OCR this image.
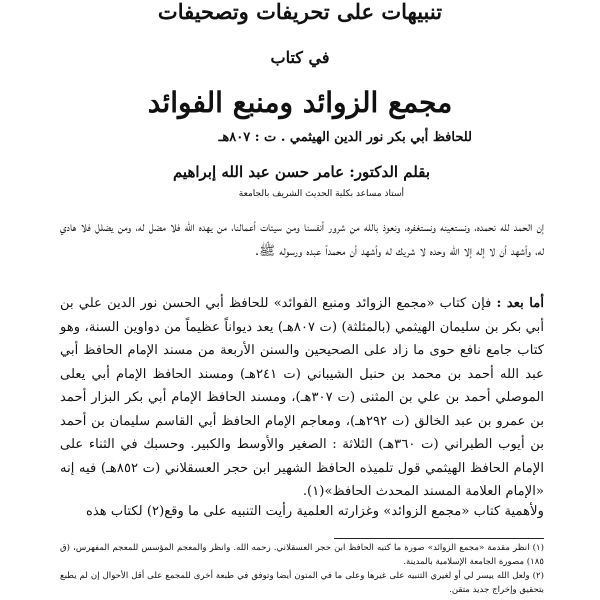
تنبيهات على تحريفات وتصحيفات
في كتاب
مجمع الزوائد ومنبع الفوائد
للحافظ أبي بكر نور الدين الهيثمي . ت : ٨٠٧هـ
بقلم الدكتور: عامر حسن عبد الله إبراهيم
أستاذ مساعد بكلية الحديث الشريف بالجامعة

إن الحمد لله نحمده، ونستعينه ونستغفره، ونعوذ بالله من شرور أنفسنا ومن سيئات أعمالنا، من يهده الله فلا مضل له، ومن يضلل فلا هادي له، وأشهد أن لا إله إلا الله وحده لا شريك له وأشهد أن محمداً عبده ورسوله ﷺ.

أما بعد : فإن كتاب «مجمع الزوائد ومنبع الفوائد» للحافظ أبي الحسن نور الدين علي بن أبي بكر بن سليمان الهيثمي (بالمثلثة) (ت ٨٠٧هـ) يعد ديواناً عظيماً من دواوين السنة، وهو كتاب جامع نافع حوى ما زاد على الصحيحين والسنن الأربعة من مسند الإمام الحافظ أبي عبد الله أحمد بن محمد بن حنبل الشيباني (ت ٢٤١هـ) ومسند الحافظ الإمام أبي يعلى الموصلي أحمد بن علي بن المثنى (ت ٣٠٧هـ)، ومسند الحافظ الإمام أبي بكر البزار أحمد بن عمرو بن عبد الخالق (ت ٢٩٢هـ)، ومعاجم الإمام الحافظ أبي القاسم سليمان بن أحمد بن أيوب الطبراني (ت ٣٦٠هـ) الثلاثة : الصغير والأوسط والكبير. وحسبك في الثناء على الإمام الحافظ الهيثمي قول تلميذه الحافظ الشهير ابن حجر العسقلاني (ت ٨٥٢هـ) فيه إنه «الإمام العلامة المسند المحدث الحافظ»(١).

ولأهمية كتاب «مجمع الزوائد» وغزارته العلمية رأيت التنبيه على ما وقع(٢) لكتاب هذه

(١) انظر مقدمة «مجمع الزوائد» صورة ما كتبه الحافظ ابن حجر العسقلاني. رحمه الله. وانظر والمعجم المؤسس للمعجم المفهرس، (ق ١٨٥) مصورة الجامعة الإسلامية بالمدينة.

(٢) ولعل الله ييسر لي أو لغيري التنبيه على غيرها وعلى ما في المتون أيضا وتوفق في طبعة أخرى للمجمع على أقل الأحوال إن لم يطبع بتحقيق وإخراج جديد متقن.
